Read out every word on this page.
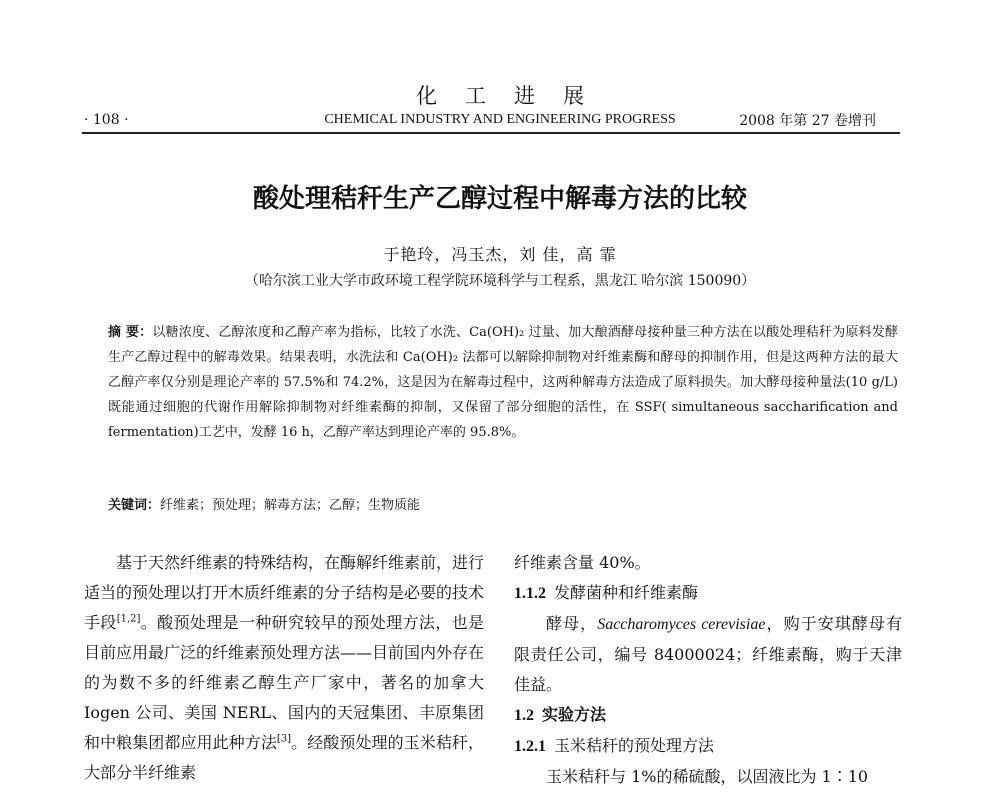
化工进展
· 108 ·	CHEMICAL INDUSTRY AND ENGINEERING PROGRESS	2008 年第 27 卷增刊
酸处理秸秆生产乙醇过程中解毒方法的比较
于艳玲，冯玉杰，刘 佳，高 霏
（哈尔滨工业大学市政环境工程学院环境科学与工程系，黑龙江 哈尔滨 150090）
摘 要：以糖浓度、乙醇浓度和乙醇产率为指标，比较了水洗、Ca(OH)₂ 过量、加大酿酒酵母接种量三种方法在以酸处理秸秆为原料发酵生产乙醇过程中的解毒效果。结果表明，水洗法和 Ca(OH)₂ 法都可以解除抑制物对纤维素酶和酵母的抑制作用，但是这两种方法的最大乙醇产率仅分别是理论产率的 57.5%和 74.2%，这是因为在解毒过程中，这两种解毒方法造成了原料损失。加大酵母接种量法(10 g/L) 既能通过细胞的代谢作用解除抑制物对纤维素酶的抑制，又保留了部分细胞的活性，在 SSF( simultaneous saccharification and fermentation)工艺中，发酵 16 h，乙醇产率达到理论产率的 95.8%。
关键词：纤维素；预处理；解毒方法；乙醇；生物质能

基于天然纤维素的特殊结构，在酶解纤维素前，进行适当的预处理以打开木质纤维素的分子结构是必要的技术手段[1,2]。酸预处理是一种研究较早的预处理方法，也是目前应用最广泛的纤维素预处理方法——目前国内外存在的为数不多的纤维素乙醇生产厂家中，著名的加拿大 Iogen 公司、美国 NERL、国内的天冠集团、丰原集团和中粮集团都应用此种方法[3]。经酸预处理的玉米秸秆，大部分半纤维素

纤维素含量 40%。

1.1.2 发酵菌种和纤维素酶

酵母，Saccharomyces cerevisiae，购于安琪酵母有限责任公司，编号 84000024；纤维素酶，购于天津佳益。

1.2 实验方法

1.2.1 玉米秸秆的预处理方法

玉米秸秆与 1%的稀硫酸，以固液比为 1∶10
